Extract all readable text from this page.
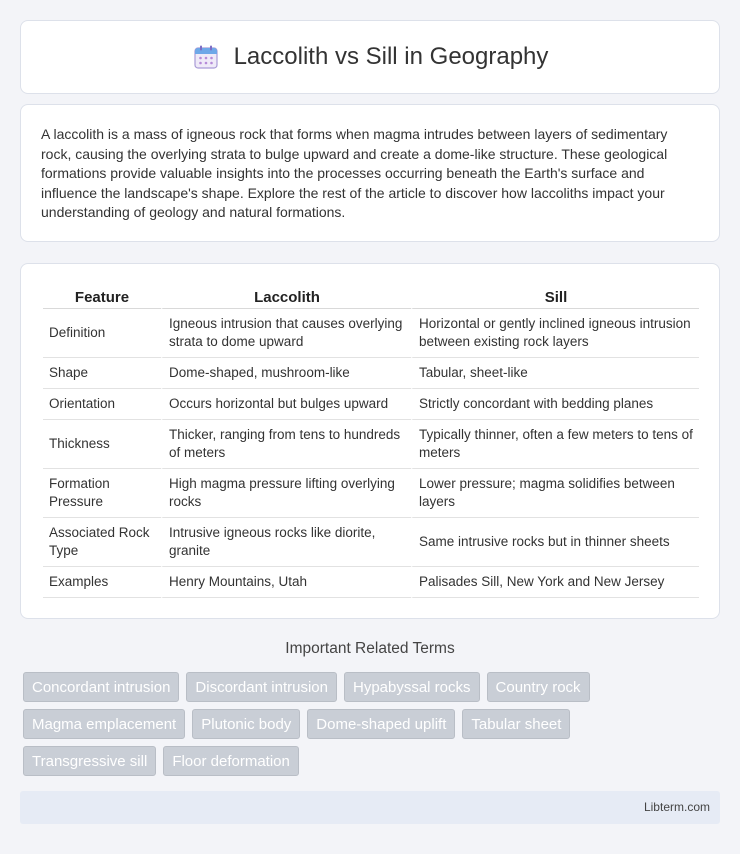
Laccolith vs Sill in Geography

A laccolith is a mass of igneous rock that forms when magma intrudes between layers of sedimentary rock, causing the overlying strata to bulge upward and create a dome-like structure. These geological formations provide valuable insights into the processes occurring beneath the Earth's surface and influence the landscape's shape. Explore the rest of the article to discover how laccoliths impact your understanding of geology and natural formations.

Feature	Laccolith	Sill
Definition	Igneous intrusion that causes overlying strata to dome upward	Horizontal or gently inclined igneous intrusion between existing rock layers
Shape	Dome-shaped, mushroom-like	Tabular, sheet-like
Orientation	Occurs horizontal but bulges upward	Strictly concordant with bedding planes
Thickness	Thicker, ranging from tens to hundreds of meters	Typically thinner, often a few meters to tens of meters
Formation Pressure	High magma pressure lifting overlying rocks	Lower pressure; magma solidifies between layers
Associated Rock Type	Intrusive igneous rocks like diorite, granite	Same intrusive rocks but in thinner sheets
Examples	Henry Mountains, Utah	Palisades Sill, New York and New Jersey
Important Related Terms
Concordant intrusion	Discordant intrusion	Hypabyssal rocks	Country rock
Magma emplacement	Plutonic body	Dome-shaped uplift	Tabular sheet
Transgressive sill	Floor deformation
Libterm.com
